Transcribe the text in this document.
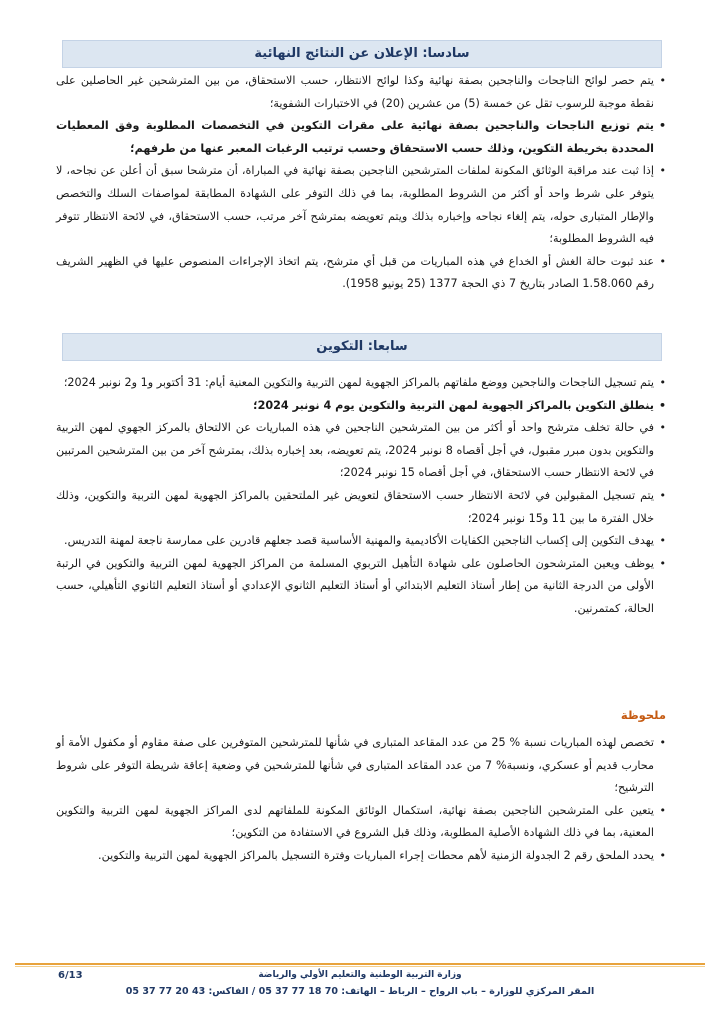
سادسا: الإعلان عن النتائج النهائية
•
يتم حصر لوائح الناجحات والناجحين بصفة نهائية وكذا لوائح الانتظار، حسب الاستحقاق، من بين المترشحين غير الحاصلين على نقطة موجبة للرسوب تقل عن خمسة (5) من عشرين (20) في الاختبارات الشفوية؛
•
يتم توزيع الناجحات والناجحين بصفة نهائية على مقرات التكوين في التخصصات المطلوبة وفق المعطيات المحددة بخريطة التكوين، وذلك حسب الاستحقاق وحسب ترتيب الرغبات المعبر عنها من طرفهم؛
•
إذا ثبت عند مراقبة الوثائق المكونة لملفات المترشحين الناجحين بصفة نهائية في المباراة، أن مترشحا سبق أن أعلن عن نجاحه، لا يتوفر على شرط واحد أو أكثر من الشروط المطلوبة، بما في ذلك التوفر على الشهادة المطابقة لمواصفات السلك والتخصص والإطار المتبارى حوله، يتم إلغاء نجاحه وإخباره بذلك ويتم تعويضه بمترشح آخر مرتب، حسب الاستحقاق، في لائحة الانتظار تتوفر فيه الشروط المطلوبة؛
•
عند ثبوت حالة الغش أو الخداع في هذه المباريات من قبل أي مترشح، يتم اتخاذ الإجراءات المنصوص عليها في الظهير الشريف رقم 1.58.060 الصادر بتاريخ 7 ذي الحجة 1377 (25 يونيو 1958).
سابعا: التكوين
•
يتم تسجيل الناجحات والناجحين ووضع ملفاتهم بالمراكز الجهوية لمهن التربية والتكوين المعنية أيام: 31 أكتوبر و1 و2 نونبر 2024؛
•
ينطلق التكوين بالمراكز الجهوية لمهن التربية والتكوين يوم 4 نونبر 2024؛
•
في حالة تخلف مترشح واحد أو أكثر من بين المترشحين الناجحين في هذه المباريات عن الالتحاق بالمركز الجهوي لمهن التربية والتكوين بدون مبرر مقبول، في أجل أقصاه 8 نونبر 2024، يتم تعويضه، بعد إخباره بذلك، بمترشح آخر من بين المترشحين المرتبين في لائحة الانتظار حسب الاستحقاق، في أجل أقصاه 15 نونبر 2024؛
•
يتم تسجيل المقبولين في لائحة الانتظار حسب الاستحقاق لتعويض غير الملتحقين بالمراكز الجهوية لمهن التربية والتكوين، وذلك خلال الفترة ما بين 11 و15 نونبر 2024؛
•
يهدف التكوين إلى إكساب الناجحين الكفايات الأكاديمية والمهنية الأساسية قصد جعلهم قادرين على ممارسة ناجعة لمهنة التدريس.
•
يوظف ويعين المترشحون الحاصلون على شهادة التأهيل التربوي المسلمة من المراكز الجهوية لمهن التربية والتكوين في الرتبة الأولى من الدرجة الثانية من إطار أستاذ التعليم الابتدائي أو أستاذ التعليم الثانوي الإعدادي أو أستاذ التعليم الثانوي التأهيلي، حسب الحالة، كمتمرنين.
ملحوظة
•
تخصص لهذه المباريات نسبة % 25 من عدد المقاعد المتبارى في شأنها للمترشحين المتوفرين على صفة مقاوم أو مكفول الأمة أو محارب قديم أو عسكري، ونسبة% 7 من عدد المقاعد المتبارى في شأنها للمترشحين في وضعية إعاقة شريطة التوفر على شروط الترشيح؛
•
يتعين على المترشحين الناجحين بصفة نهائية، استكمال الوثائق المكونة للملفاتهم لدى المراكز الجهوية لمهن التربية والتكوين المعنية، بما في ذلك الشهادة الأصلية المطلوبة، وذلك قبل الشروع في الاستفادة من التكوين؛
•
يحدد الملحق رقم 2 الجدولة الزمنية لأهم محطات إجراء المباريات وفترة التسجيل بالمراكز الجهوية لمهن التربية والتكوين.
6/13	وزارة التربية الوطنية والتعليم الأولي والرياضة
المقر المركزي للوزارة – باب الرواح – الرباط – الهاتف: 70 18 77 37 05 / الفاكس: 43 20 77 37 05
